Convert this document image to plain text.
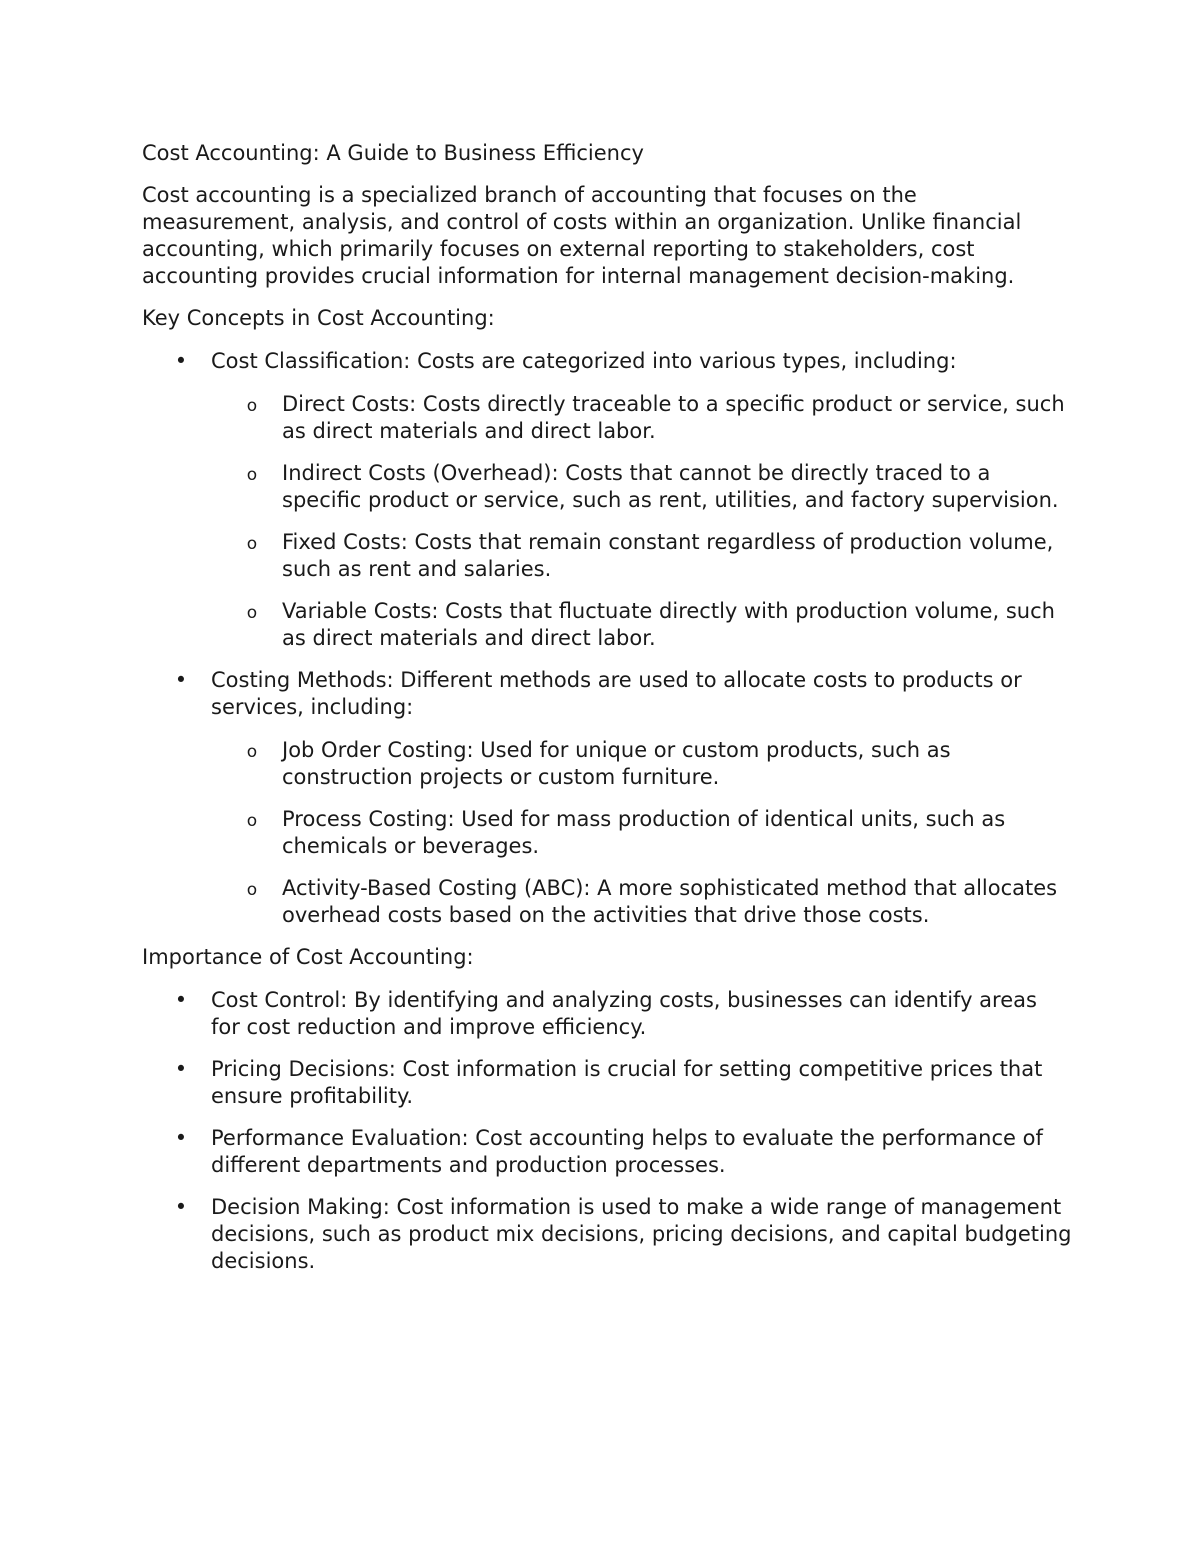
Cost Accounting: A Guide to Business Efficiency
Cost accounting is a specialized branch of accounting that focuses on the measurement, analysis, and control of costs within an organization. Unlike financial accounting, which primarily focuses on external reporting to stakeholders, cost accounting provides crucial information for internal management decision-making.
Key Concepts in Cost Accounting:
• Cost Classification: Costs are categorized into various types, including:
o Direct Costs: Costs directly traceable to a specific product or service, such as direct materials and direct labor.
o Indirect Costs (Overhead): Costs that cannot be directly traced to a specific product or service, such as rent, utilities, and factory supervision.
o Fixed Costs: Costs that remain constant regardless of production volume, such as rent and salaries.
o Variable Costs: Costs that fluctuate directly with production volume, such as direct materials and direct labor.
• Costing Methods: Different methods are used to allocate costs to products or services, including:
o Job Order Costing: Used for unique or custom products, such as construction projects or custom furniture.
o Process Costing: Used for mass production of identical units, such as chemicals or beverages.
o Activity-Based Costing (ABC): A more sophisticated method that allocates overhead costs based on the activities that drive those costs.
Importance of Cost Accounting:
• Cost Control: By identifying and analyzing costs, businesses can identify areas for cost reduction and improve efficiency.
• Pricing Decisions: Cost information is crucial for setting competitive prices that ensure profitability.
• Performance Evaluation: Cost accounting helps to evaluate the performance of different departments and production processes.
• Decision Making: Cost information is used to make a wide range of management decisions, such as product mix decisions, pricing decisions, and capital budgeting decisions.
